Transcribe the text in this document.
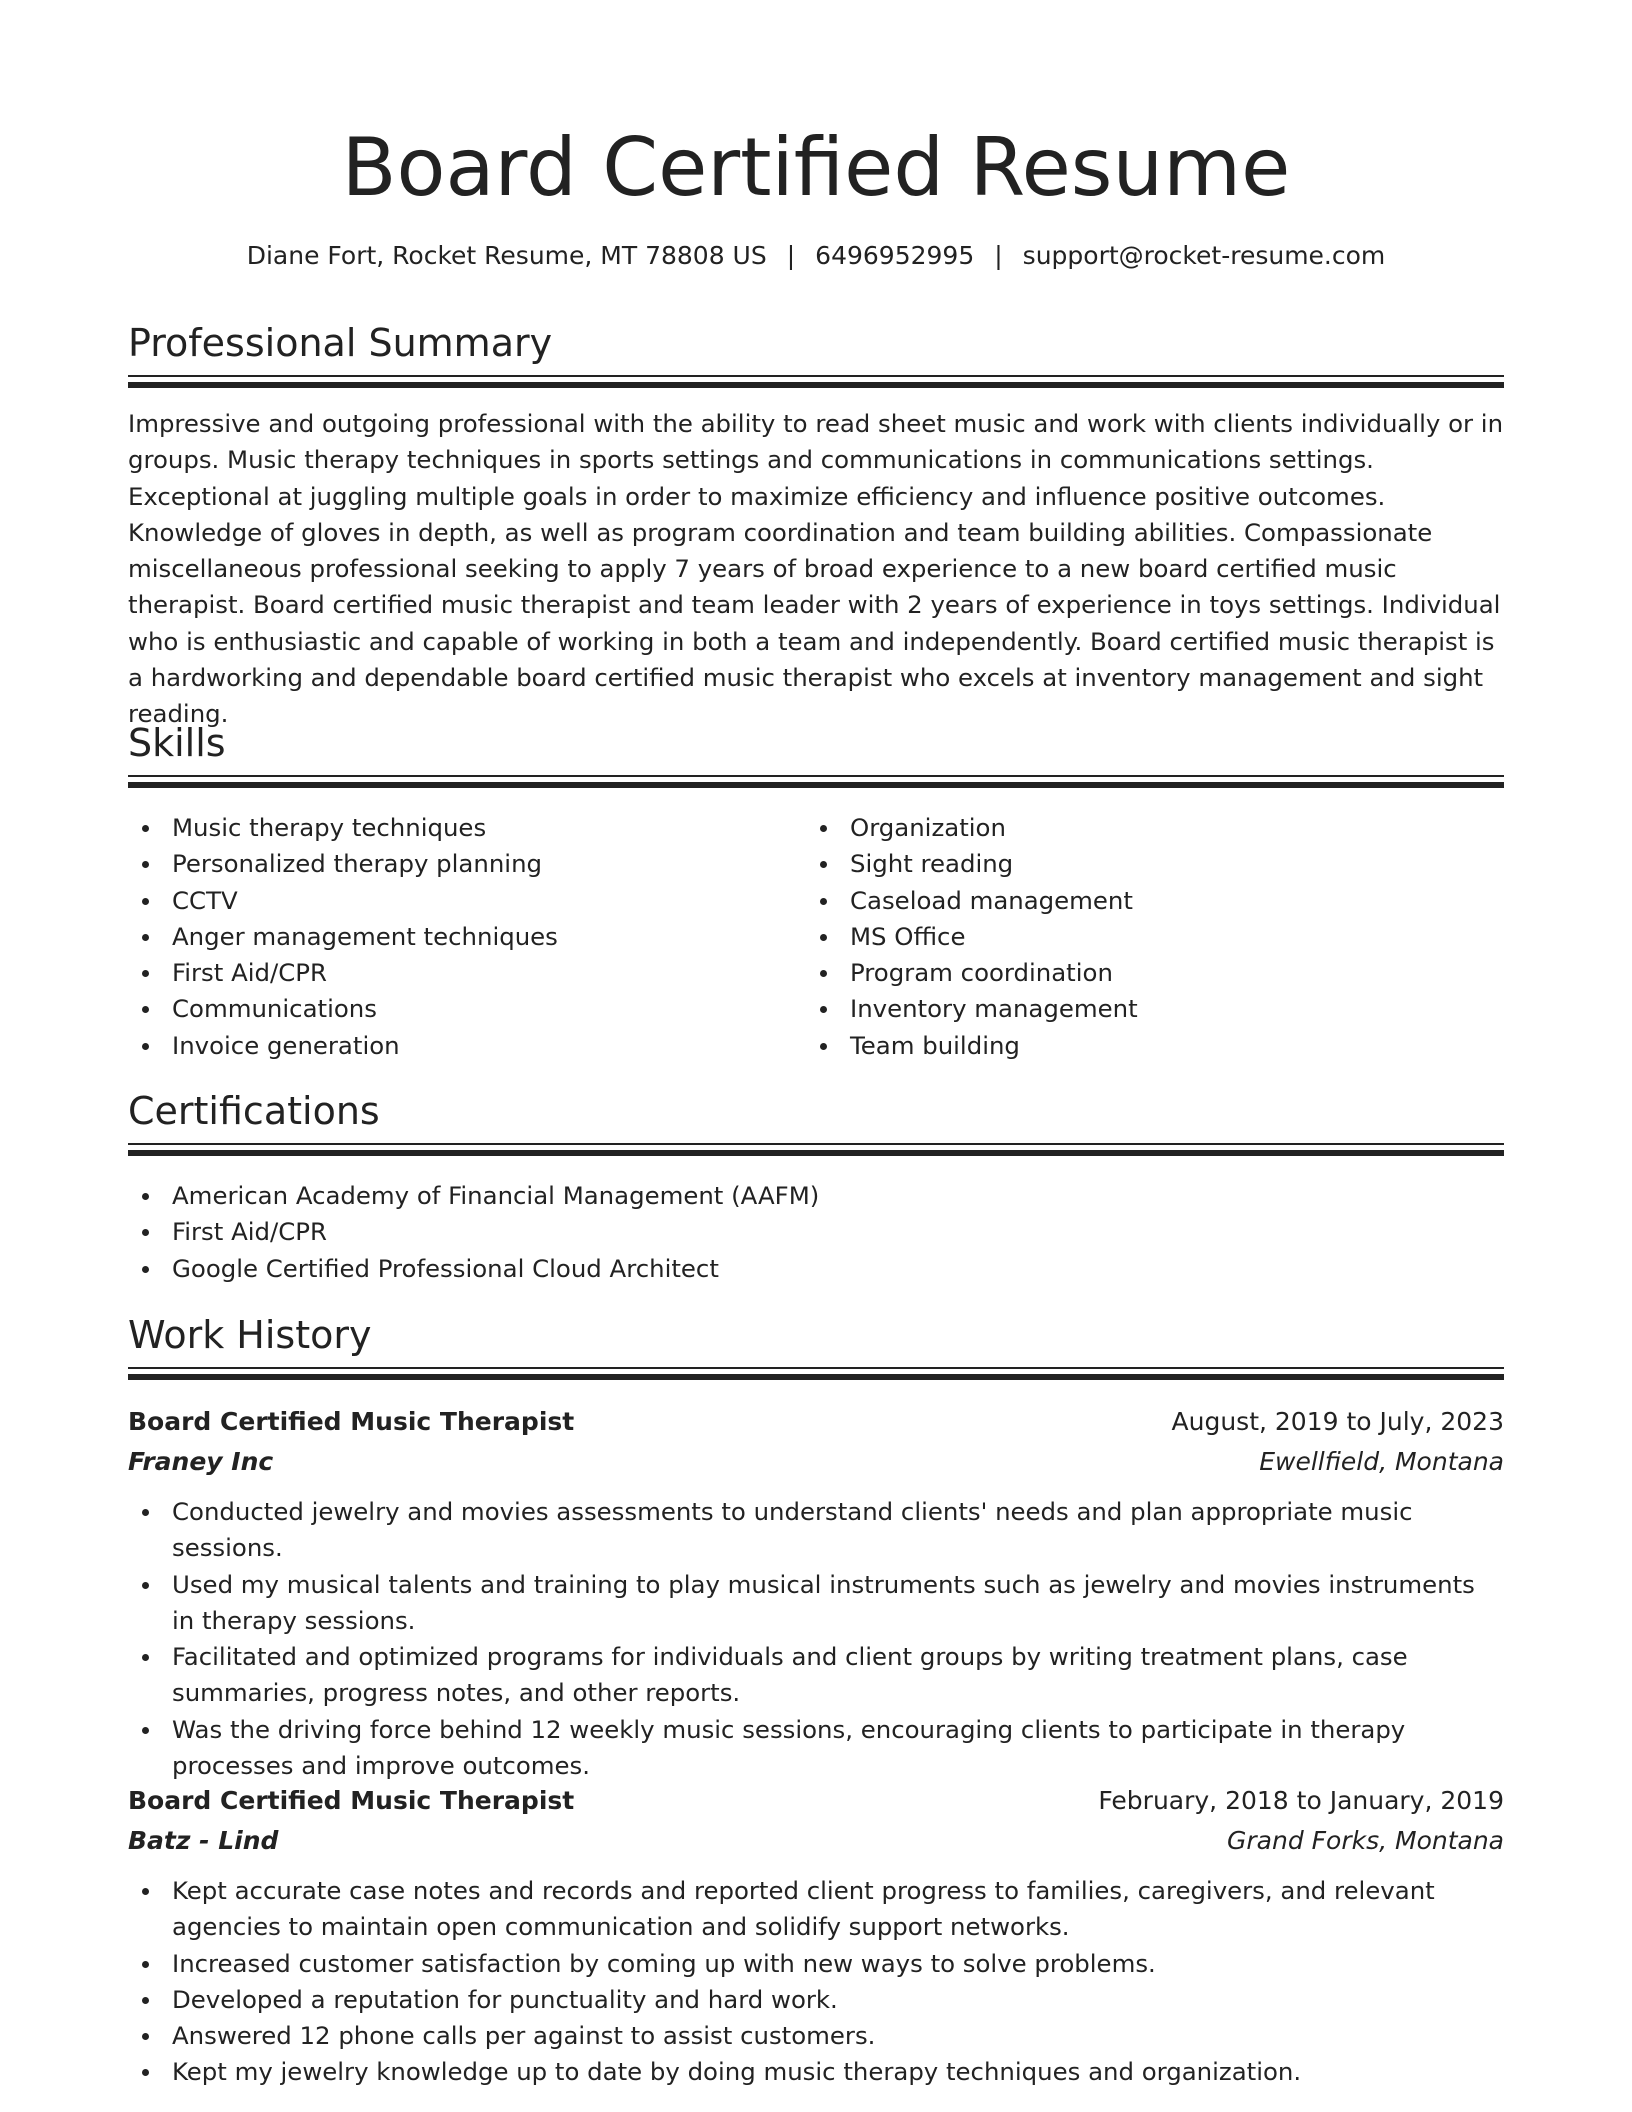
Board Certified Resume
Diane Fort, Rocket Resume, MT 78808 US | 6496952995 | support@rocket-resume.com
Professional Summary

Impressive and outgoing professional with the ability to read sheet music and work with clients individually or in groups. Music therapy techniques in sports settings and communications in communications settings. Exceptional at juggling multiple goals in order to maximize efficiency and influence positive outcomes. Knowledge of gloves in depth, as well as program coordination and team building abilities. Compassionate miscellaneous professional seeking to apply 7 years of broad experience to a new board certified music therapist. Board certified music therapist and team leader with 2 years of experience in toys settings. Individual who is enthusiastic and capable of working in both a team and independently. Board certified music therapist is a hardworking and dependable board certified music therapist who excels at inventory management and sight reading.

Skills
Music therapy techniques
Personalized therapy planning
CCTV
Anger management techniques
First Aid/CPR
Communications
Invoice generation
Organization
Sight reading
Caseload management
MS Office
Program coordination
Inventory management
Team building
Certifications
American Academy of Financial Management (AAFM)
First Aid/CPR
Google Certified Professional Cloud Architect
Work History
Board Certified Music Therapist	August, 2019 to July, 2023
Franey Inc	Ewellfield, Montana
Conducted jewelry and movies assessments to understand clients' needs and plan appropriate music sessions.
Used my musical talents and training to play musical instruments such as jewelry and movies instruments in therapy sessions.
Facilitated and optimized programs for individuals and client groups by writing treatment plans, case summaries, progress notes, and other reports.
Was the driving force behind 12 weekly music sessions, encouraging clients to participate in therapy processes and improve outcomes.
Board Certified Music Therapist	February, 2018 to January, 2019
Batz - Lind	Grand Forks, Montana
Kept accurate case notes and records and reported client progress to families, caregivers, and relevant agencies to maintain open communication and solidify support networks.
Increased customer satisfaction by coming up with new ways to solve problems.
Developed a reputation for punctuality and hard work.
Answered 12 phone calls per against to assist customers.
Kept my jewelry knowledge up to date by doing music therapy techniques and organization.
